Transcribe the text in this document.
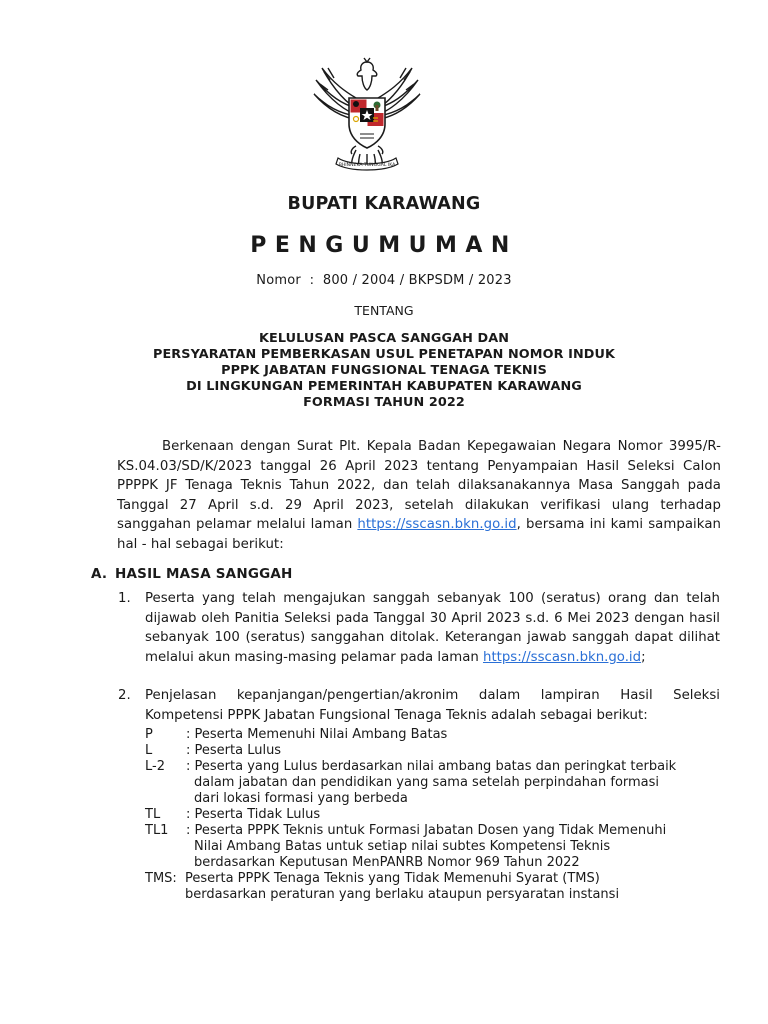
BHINNEKA TUNGGAL IKA
BUPATI KARAWANG
PENGUMUMAN
Nomor : 800 / 2004 / BKPSDM / 2023
TENTANG
KELULUSAN PASCA SANGGAH DAN
PERSYARATAN PEMBERKASAN USUL PENETAPAN NOMOR INDUK
PPPK JABATAN FUNGSIONAL TENAGA TEKNIS
DI LINGKUNGAN PEMERINTAH KABUPATEN KARAWANG
FORMASI TAHUN 2022
Berkenaan dengan Surat Plt. Kepala Badan Kepegawaian Negara Nomor 3995/R-KS.04.03/SD/K/2023 tanggal 26 April 2023 tentang Penyampaian Hasil Seleksi Calon PPPPK JF Tenaga Teknis Tahun 2022, dan telah dilaksanakannya Masa Sanggah pada Tanggal 27 April s.d. 29 April 2023, setelah dilakukan verifikasi ulang terhadap sanggahan pelamar melalui laman https://sscasn.bkn.go.id, bersama ini kami sampaikan hal - hal sebagai berikut:
A. HASIL MASA SANGGAH
1. Peserta yang telah mengajukan sanggah sebanyak 100 (seratus) orang dan telah dijawab oleh Panitia Seleksi pada Tanggal 30 April 2023 s.d. 6 Mei 2023 dengan hasil sebanyak 100 (seratus) sanggahan ditolak. Keterangan jawab sanggah dapat dilihat melalui akun masing-masing pelamar pada laman https://sscasn.bkn.go.id;
2. Penjelasan kepanjangan/pengertian/akronim dalam lampiran Hasil Seleksi Kompetensi PPPK Jabatan Fungsional Tenaga Teknis adalah sebagai berikut:
P	: Peserta Memenuhi Nilai Ambang Batas
L	: Peserta Lulus
L-2 : Peserta yang Lulus berdasarkan nilai ambang batas dan peringkat terbaik
dalam jabatan dan pendidikan yang sama setelah perpindahan formasi
dari lokasi formasi yang berbeda
TL : Peserta Tidak Lulus
TL1 : Peserta PPPK Teknis untuk Formasi Jabatan Dosen yang Tidak Memenuhi
Nilai Ambang Batas untuk setiap nilai subtes Kompetensi Teknis
berdasarkan Keputusan MenPANRB Nomor 969 Tahun 2022
TMS: Peserta PPPK Tenaga Teknis yang Tidak Memenuhi Syarat (TMS)
berdasarkan peraturan yang berlaku ataupun persyaratan instansi
